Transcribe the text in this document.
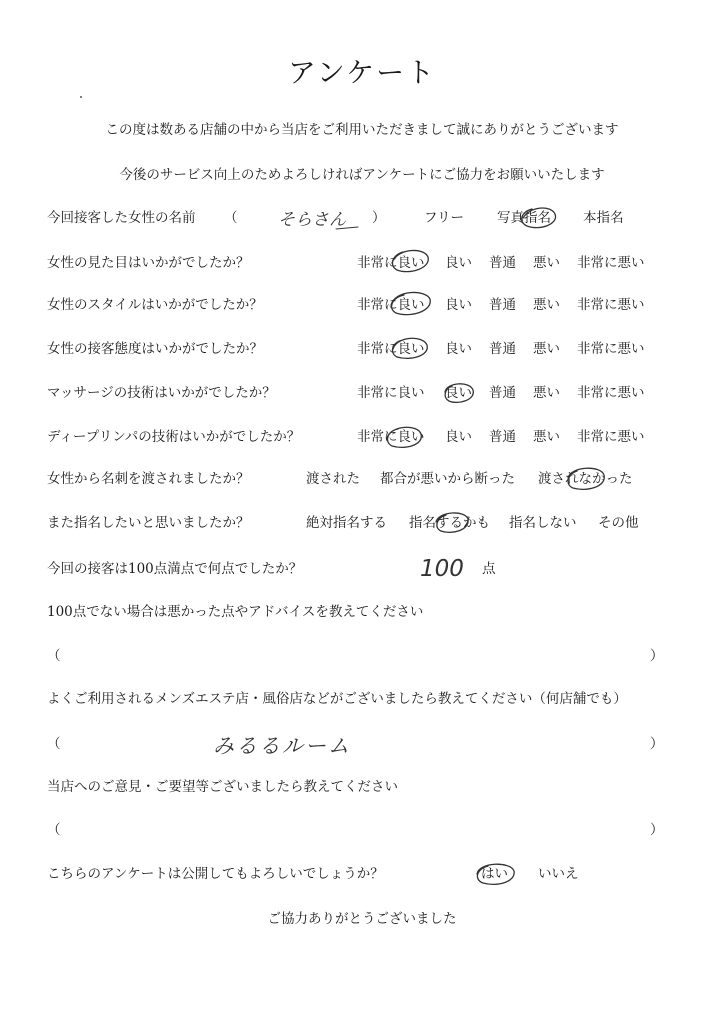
アンケート
この度は数ある店舗の中から当店をご利用いただきまして誠にありがとうございます
今後のサービス向上のためよろしければアンケートにご協力をお願いいたします
今回接客した女性の名前 （ そらさん ）	フリー 写真指名 本指名
女性の見た目はいかがでしたか？	非常に良い 良い 普通 悪い 非常に悪い
女性のスタイルはいかがでしたか？	非常に良い 良い 普通 悪い 非常に悪い
女性の接客態度はいかがでしたか？	非常に良い 良い 普通 悪い 非常に悪い
マッサージの技術はいかがでしたか？	非常に良い 良い 普通 悪い 非常に悪い
ディープリンパの技術はいかがでしたか？	非常に良い 良い 普通 悪い 非常に悪い
女性から名刺を渡されましたか？	渡された 都合が悪いから断った 渡されなかった
また指名したいと思いましたか？	絶対指名する 指名するかも 指名しない その他
今回の接客は100点満点で何点でしたか？	100 点
100点でない場合は悪かった点やアドバイスを教えてください
（	）
よくご利用されるメンズエステ店・風俗店などがございましたら教えてください（何店舗でも）
（	みるるルーム	）
当店へのご意見・ご要望等ございましたら教えてください
（	）
こちらのアンケートは公開してもよろしいでしょうか？	はい いいえ
ご協力ありがとうございました
